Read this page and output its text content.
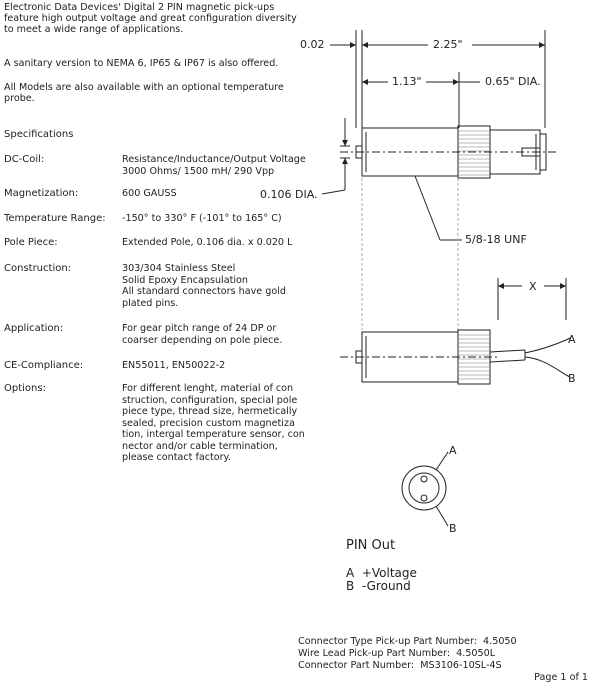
Electronic Data Devices' Digital 2 PIN magnetic pick-ups feature high output voltage and great configuration diversity to meet a wide range of applications.
A sanitary version to NEMA 6, IP65 & IP67 is also offered.
All Models are also available with an optional temperature probe.
Specifications
DC-Coil:	Resistance/Inductance/Output Voltage
3000 Ohms/ 1500 mH/ 290 Vpp
Magnetization:	600 GAUSS
Temperature Range: -150° to 330° F (-101° to 165° C)
Pole Piece:	Extended Pole, 0.106 dia. x 0.020 L
Construction:	303/304 Stainless Steel
Solid Epoxy Encapsulation
All standard connectors have gold
plated pins.
Application:	For gear pitch range of 24 DP or
coarser depending on pole piece.
CE-Compliance:	EN55011, EN50022-2
Options:	For different lenght, material of con
struction, configuration, special pole
piece type, thread size, hermetically
sealed, precision custom magnetiza
tion, intergal temperature sensor, con
nector and/or cable termination,
please contact factory.
0.02	2.25"
1.13"	0.65" DIA.
0.106 DIA.
5/8-18 UNF
X
A
B
A
B
PIN Out
A  +Voltage
B  -Ground
Connector Type Pick-up Part Number:  4.5050
Wire Lead Pick-up Part Number:  4.5050L
Connector Part Number:  MS3106-10SL-4S
Page 1 of 1
